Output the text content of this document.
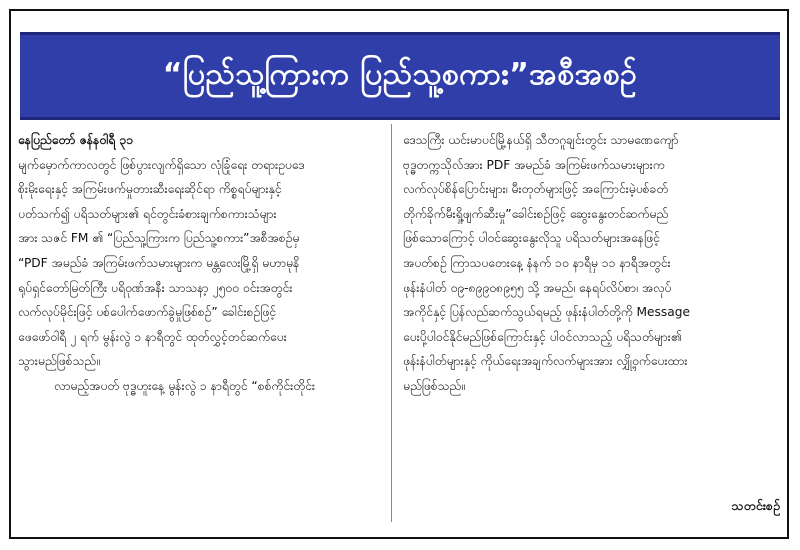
“ပြည်သူ့ကြားက ပြည်သူ့စကား”အစီအစဉ်
နေပြည်တော် ဇန်နဝါရီ ၃၁
မျက်မှောက်ကာလတွင် ဖြစ်ပွားလျက်ရှိသော လုံခြုံရေး တရားဥပဒေ
စိုးမိုးရေးနှင့် အကြမ်းဖက်မှုတားဆီးရေးဆိုင်ရာ ကိစ္စရပ်များနှင့်
ပတ်သက်၍ ပရိသတ်များ၏ ရင်တွင်းခံစားချက်စကားသံများ
အား သဇင် FM ၏ “ပြည်သူ့ကြားက ပြည်သူ့စကား”အစီအစဉ်မှ
“PDF အမည်ခံ အကြမ်းဖက်သမားများက မန္တလေးမြို့ရှိ မဟာမုနိ
ရုပ်ရှင်တော်မြတ်ကြီး ပရိဝုဏ်အနီး သာသနာ့ ၂၅၀၀ ဝင်းအတွင်း
လက်လုပ်မိုင်းဖြင့် ပစ်ပေါက်ဖောက်ခွဲမှုဖြစ်စဉ်” ခေါင်းစဉ်ဖြင့်
ဖေဖော်ဝါရီ ၂ ရက် မွန်းလွဲ ၁ နာရီတွင် ထုတ်လွှင့်တင်ဆက်ပေး
သွားမည်ဖြစ်သည်။
လာမည့်အပတ် ဗုဒ္ဓဟူးနေ့ မွန်းလွဲ ၁ နာရီတွင် “စစ်ကိုင်းတိုင်း
ဒေသကြီး ယင်းမာပင်မြို့နယ်ရှိ သီတဂူချင်းတွင်း သာမဏေကျော်
ဗုဒ္ဓတက္ကသိုလ်အား PDF အမည်ခံ အကြမ်းဖက်သမားများက
လက်လုပ်စိန်ပြောင်းများ၊ မီးတုတ်များဖြင့် အကြောင်းမဲ့ပစ်ခတ်
တိုက်ခိုက်မီးရှို့ဖျက်ဆီးမှု”ခေါင်းစဉ်ဖြင့် ဆွေးနွေးတင်ဆက်မည်
ဖြစ်သောကြောင့် ပါဝင်ဆွေးနွေးလိုသူ ပရိသတ်များအနေဖြင့်
အပတ်စဉ် ကြာသပတေးနေ့ နံနက် ၁၀ နာရီမှ ၁၁ နာရီအတွင်း
ဖုန်းနံပါတ် ၀၉-၈၉၉၀၈၉၅၅ သို့ အမည်၊ နေရပ်လိပ်စာ၊ အလုပ်
အကိုင်နှင့် ပြန်လည်ဆက်သွယ်ရမည့် ဖုန်းနံပါတ်တို့ကို Message
ပေးပို့ပါဝင်နိုင်မည်ဖြစ်ကြောင်းနှင့် ပါဝင်လာသည့် ပရိသတ်များ၏
ဖုန်းနံပါတ်များနှင့် ကိုယ်ရေးအချက်လက်များအား လျှို့ဝှက်ပေးထား
မည်ဖြစ်သည်။
သတင်းစဉ်
